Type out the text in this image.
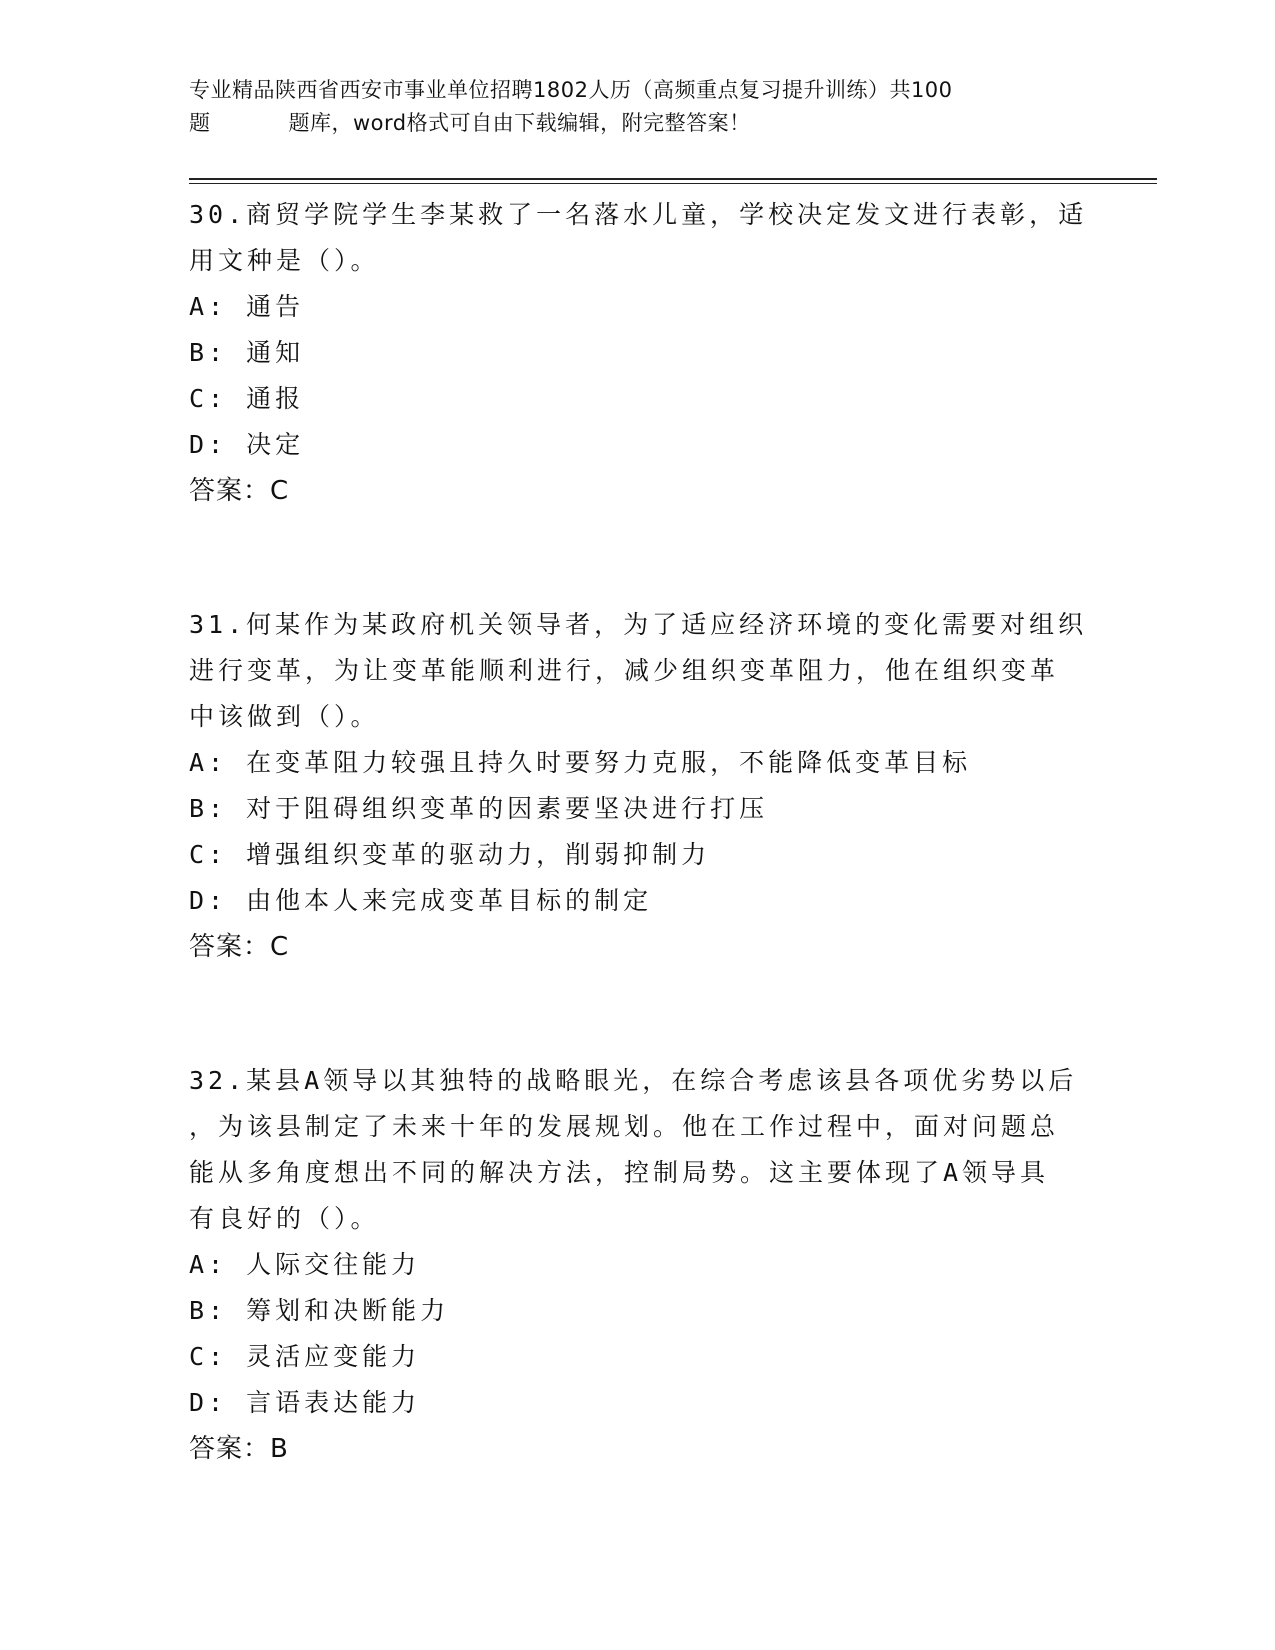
专业精品陕西省西安市事业单位招聘1802人历（高频重点复习提升训练）共100
题	题库，word格式可自由下载编辑，附完整答案！
30.商贸学院学生李某救了一名落水儿童，学校决定发文进行表彰，适
用文种是（）。
A: 通告
B: 通知
C: 通报
D: 决定
答案：C
31.何某作为某政府机关领导者，为了适应经济环境的变化需要对组织
进行变革，为让变革能顺利进行，减少组织变革阻力，他在组织变革
中该做到（）。
A: 在变革阻力较强且持久时要努力克服，不能降低变革目标
B: 对于阻碍组织变革的因素要坚决进行打压
C: 增强组织变革的驱动力，削弱抑制力
D: 由他本人来完成变革目标的制定
答案：C
32.某县A领导以其独特的战略眼光，在综合考虑该县各项优劣势以后
，为该县制定了未来十年的发展规划。他在工作过程中，面对问题总
能从多角度想出不同的解决方法，控制局势。这主要体现了A领导具
有良好的（）。
A: 人际交往能力
B: 筹划和决断能力
C: 灵活应变能力
D: 言语表达能力
答案：B
